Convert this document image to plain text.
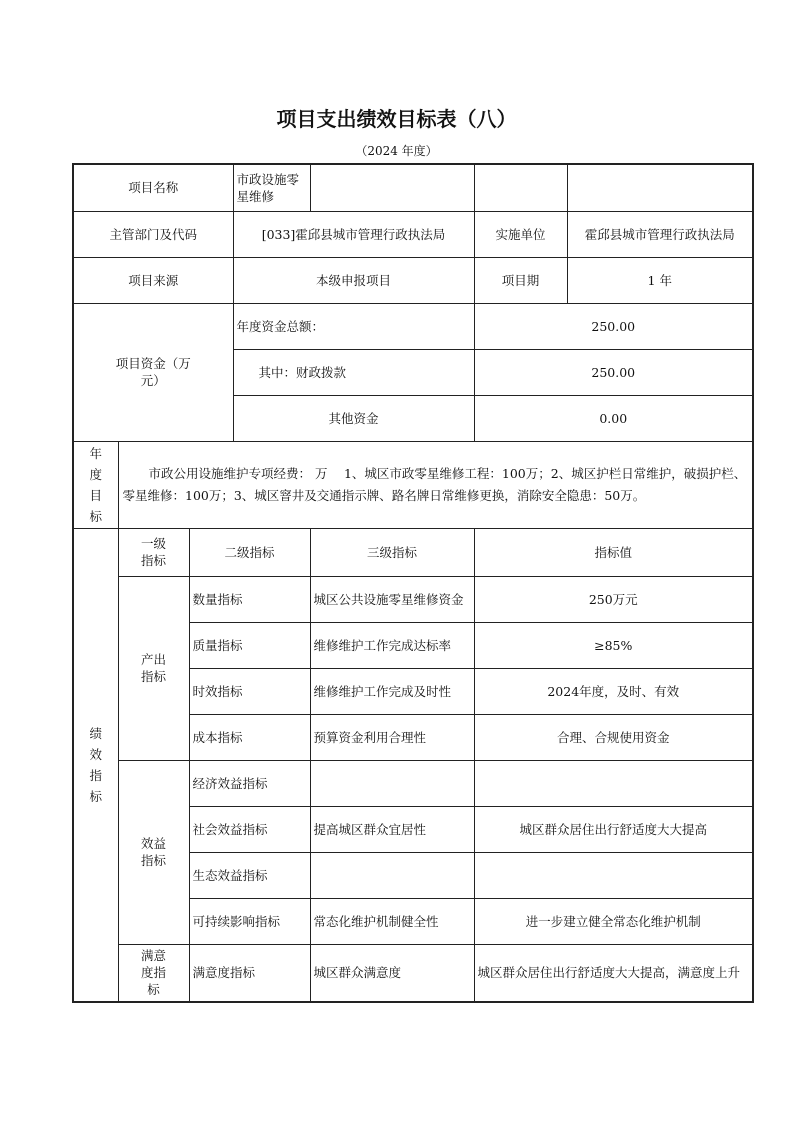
项目支出绩效目标表（八）
（2024 年度）
项目名称			市政设施零星维修			
主管部门及代码			[033]霍邱县城市管理行政执法局		实施单位	霍邱县城市管理行政执法局
项目来源			本级申报项目		项目期	1 年
项目资金（万元）			年度资金总额：		250.00	
			其中：财政拨款		250.00	
			其他资金		0.00	
年度目标	市政公用设施维护专项经费： 万　 1、城区市政零星维修工程：100万；2、城区护栏日常维护，破损护栏、零星维修：100万；3、城区窨井及交通指示牌、路名牌日常维修更换，消除安全隐患：50万。					
绩效指标	一级指标	二级指标		三级指标	指标值	
	产出指标	数量指标		城区公共设施零星维修资金	250万元	
		质量指标		维修维护工作完成达标率	≥85%	
		时效指标		维修维护工作完成及时性	2024年度，及时、有效	
		成本指标		预算资金利用合理性	合理、合规使用资金	
	效益指标	经济效益指标				
		社会效益指标		提高城区群众宜居性	城区群众居住出行舒适度大大提高	
		生态效益指标				
		可持续影响指标		常态化维护机制健全性	进一步建立健全常态化维护机制	
	满意度指标	满意度指标		城区群众满意度	城区群众居住出行舒适度大大提高，满意度上升	
